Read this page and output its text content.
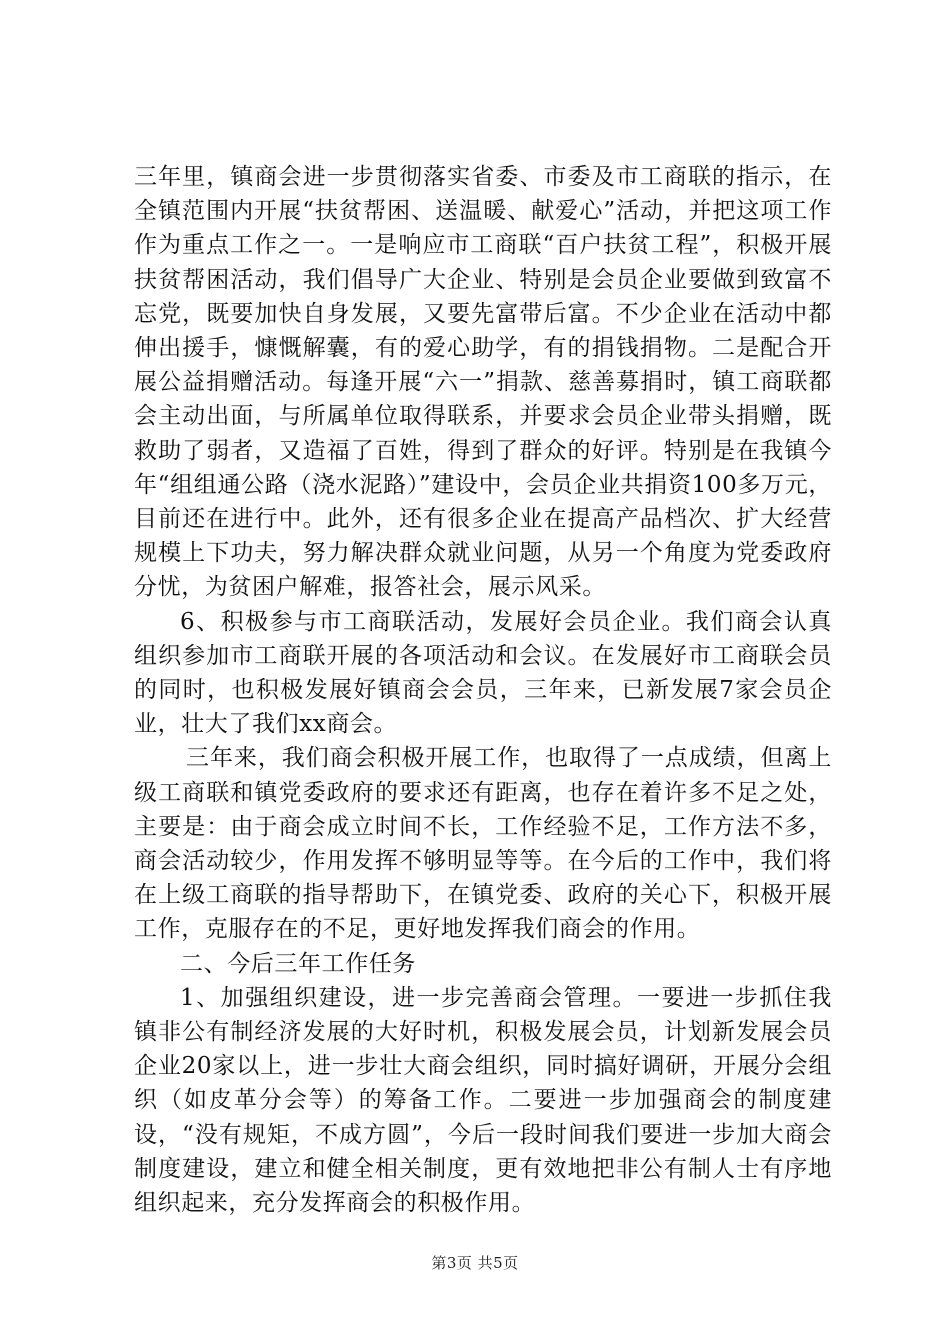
三年里，镇商会进一步贯彻落实省委、市委及市工商联的指示，在全镇范围内开展“扶贫帮困、送温暖、献爱心”活动，并把这项工作作为重点工作之一。一是响应市工商联“百户扶贫工程”，积极开展扶贫帮困活动，我们倡导广大企业、特别是会员企业要做到致富不忘党，既要加快自身发展，又要先富带后富。不少企业在活动中都伸出援手，慷慨解囊，有的爱心助学，有的捐钱捐物。二是配合开展公益捐赠活动。每逢开展“六一”捐款、慈善募捐时，镇工商联都会主动出面，与所属单位取得联系，并要求会员企业带头捐赠，既救助了弱者，又造福了百姓，得到了群众的好评。特别是在我镇今年“组组通公路（浇水泥路）”建设中，会员企业共捐资100多万元，目前还在进行中。此外，还有很多企业在提高产品档次、扩大经营规模上下功夫，努力解决群众就业问题，从另一个角度为党委政府分忧，为贫困户解难，报答社会，展示风采。

6、积极参与市工商联活动，发展好会员企业。我们商会认真组织参加市工商联开展的各项活动和会议。在发展好市工商联会员的同时，也积极发展好镇商会会员，三年来，已新发展7家会员企业，壮大了我们xx商会。

三年来，我们商会积极开展工作，也取得了一点成绩，但离上级工商联和镇党委政府的要求还有距离，也存在着许多不足之处，主要是：由于商会成立时间不长，工作经验不足，工作方法不多，商会活动较少，作用发挥不够明显等等。在今后的工作中，我们将在上级工商联的指导帮助下，在镇党委、政府的关心下，积极开展工作，克服存在的不足，更好地发挥我们商会的作用。

二、今后三年工作任务

1、加强组织建设，进一步完善商会管理。一要进一步抓住我镇非公有制经济发展的大好时机，积极发展会员，计划新发展会员企业20家以上，进一步壮大商会组织，同时搞好调研，开展分会组织（如皮革分会等）的筹备工作。二要进一步加强商会的制度建设，“没有规矩，不成方圆”，今后一段时间我们要进一步加大商会制度建设，建立和健全相关制度，更有效地把非公有制人士有序地组织起来，充分发挥商会的积极作用。

第3页 共5页
